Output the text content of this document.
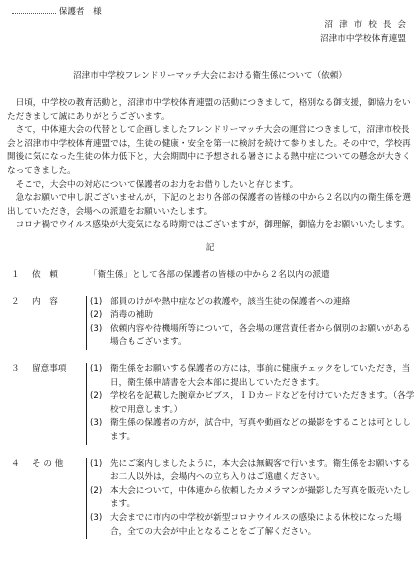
保護者　様
沼津市校長会
沼津市中学校体育連盟
沼津市中学校フレンドリーマッチ大会における衛生係について（依頼）

日頃，中学校の教育活動と，沼津市中学校体育連盟の活動につきまして，格別なる御支援，御協力をいただきまして誠にありがとうございます。

さて，中体連大会の代替として企画しましたフレンドリーマッチ大会の運営につきまして，沼津市校長会と沼津市中学校体育連盟では，生徒の健康・安全を第一に検討を続けて参りました。その中で，学校再開後に気になった生徒の体力低下と，大会期間中に予想される暑さによる熱中症についての懸念が大きくなってきました。

そこで，大会中の対応について保護者のお力をお借りしたいと存じます。

急なお願いで申し訳ございませんが，下記のとおり各部の保護者の皆様の中から２名以内の衛生係を選出していただき，会場への派遣をお願いいたします。

コロナ禍でウイルス感染が大変気になる時期ではございますが，御理解，御協力をお願いいたします。

記
１ 依　頼	「衛生係」として各部の保護者の皆様の中から２名以内の派遣
２ 内　容	(1) 部員のけがや熱中症などの救護や，該当生徒の保護者への連絡
(2) 消毒の補助
(3) 依頼内容や待機場所等について，各会場の運営責任者から個別のお願いがある場合もございます。
３ 留意事項	(1) 衛生係をお願いする保護者の方には，事前に健康チェックをしていただき，当日，衛生係申請書を大会本部に提出していただきます。
(2) 学校名を記載した腕章かビブス，ＩＤカードなどを付けていただきます。（各学校で用意します。）
(3) 衛生係の保護者の方が，試合中，写真や動画などの撮影をすることは可としします。
４ そ の 他	(1) 先にご案内しましたように，本大会は無観客で行います。衛生係をお願いするお二人以外は，会場内への立ち入りはご遠慮ください。
(2) 本大会について，中体連から依頼したカメラマンが撮影した写真を販売いたします。
(3) 大会までに市内の中学校が新型コロナウイルスの感染による休校になった場合，全ての大会が中止となることをご了解ください。
